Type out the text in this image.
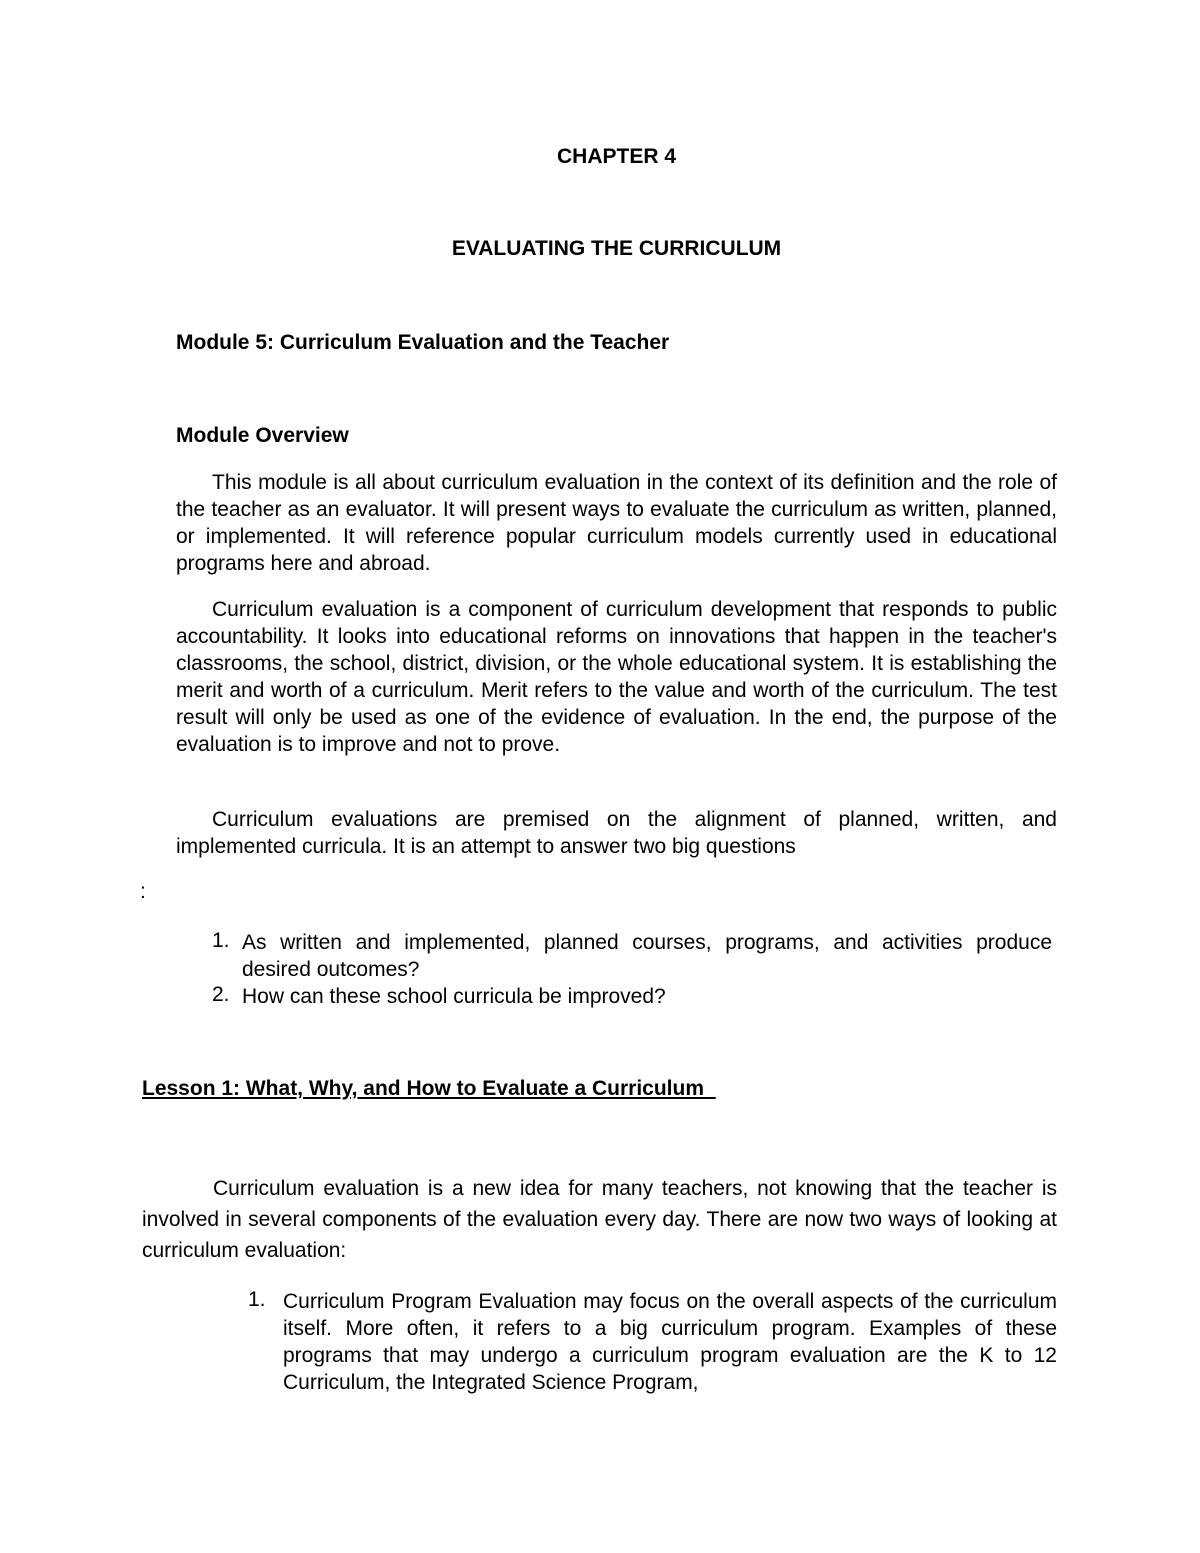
CHAPTER 4

EVALUATING THE CURRICULUM

Module 5: Curriculum Evaluation and the Teacher

Module Overview

This module is all about curriculum evaluation in the context of its definition and the role of the teacher as an evaluator. It will present ways to evaluate the curriculum as written, planned, or implemented. It will reference popular curriculum models currently used in educational programs here and abroad.

Curriculum evaluation is a component of curriculum development that responds to public accountability. It looks into educational reforms on innovations that happen in the teacher's classrooms, the school, district, division, or the whole educational system. It is establishing the merit and worth of a curriculum. Merit refers to the value and worth of the curriculum. The test result will only be used as one of the evidence of evaluation. In the end, the purpose of the evaluation is to improve and not to prove.

Curriculum evaluations are premised on the alignment of planned, written, and implemented curricula. It is an attempt to answer two big questions

:

1. As written and implemented, planned courses, programs, and activities produce desired outcomes?
2. How can these school curricula be improved?

Lesson 1: What, Why, and How to Evaluate a Curriculum

Curriculum evaluation is a new idea for many teachers, not knowing that the teacher is involved in several components of the evaluation every day. There are now two ways of looking at curriculum evaluation:

1. Curriculum Program Evaluation may focus on the overall aspects of the curriculum itself. More often, it refers to a big curriculum program. Examples of these programs that may undergo a curriculum program evaluation are the K to 12 Curriculum, the Integrated Science Program,
